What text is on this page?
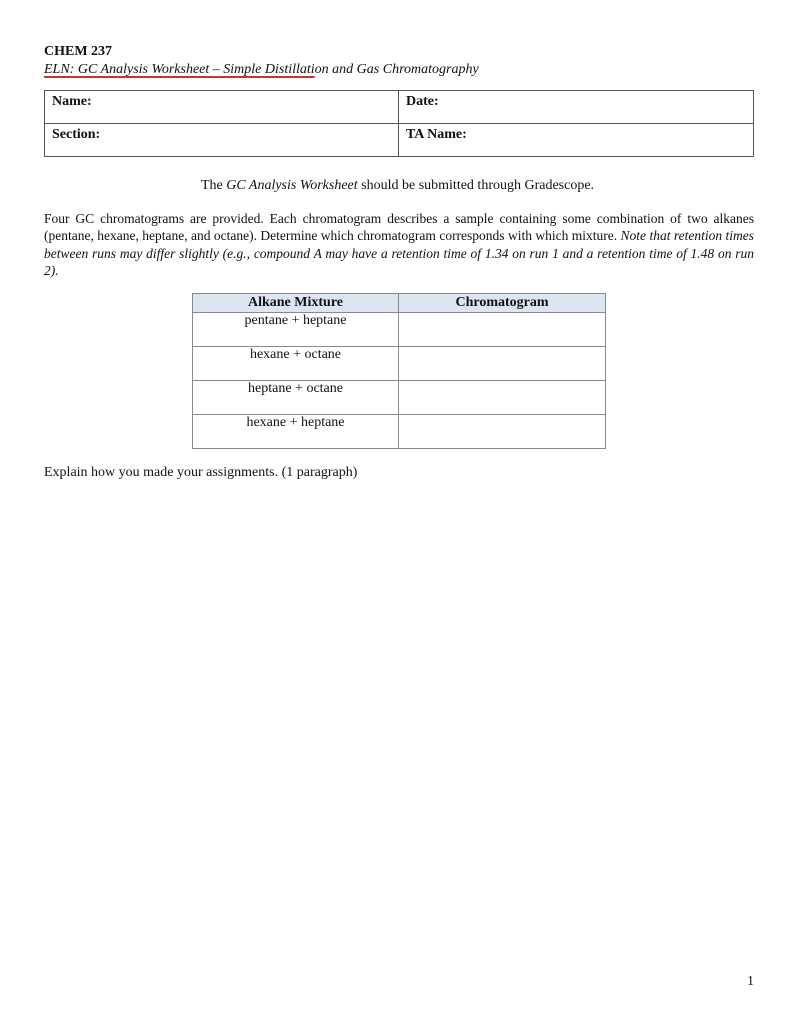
CHEM 237

ELN: GC Analysis Worksheet – Simple Distillation and Gas Chromatography

Name:	Date:
Section:	TA Name:

The GC Analysis Worksheet should be submitted through Gradescope.

Four GC chromatograms are provided. Each chromatogram describes a sample containing some combination of two alkanes (pentane, hexane, heptane, and octane). Determine which chromatogram corresponds with which mixture. Note that retention times between runs may differ slightly (e.g., compound A may have a retention time of 1.34 on run 1 and a retention time of 1.48 on run 2).

Alkane Mixture	Chromatogram
pentane + heptane	
hexane + octane	
heptane + octane	
hexane + heptane	

Explain how you made your assignments. (1 paragraph)

1
